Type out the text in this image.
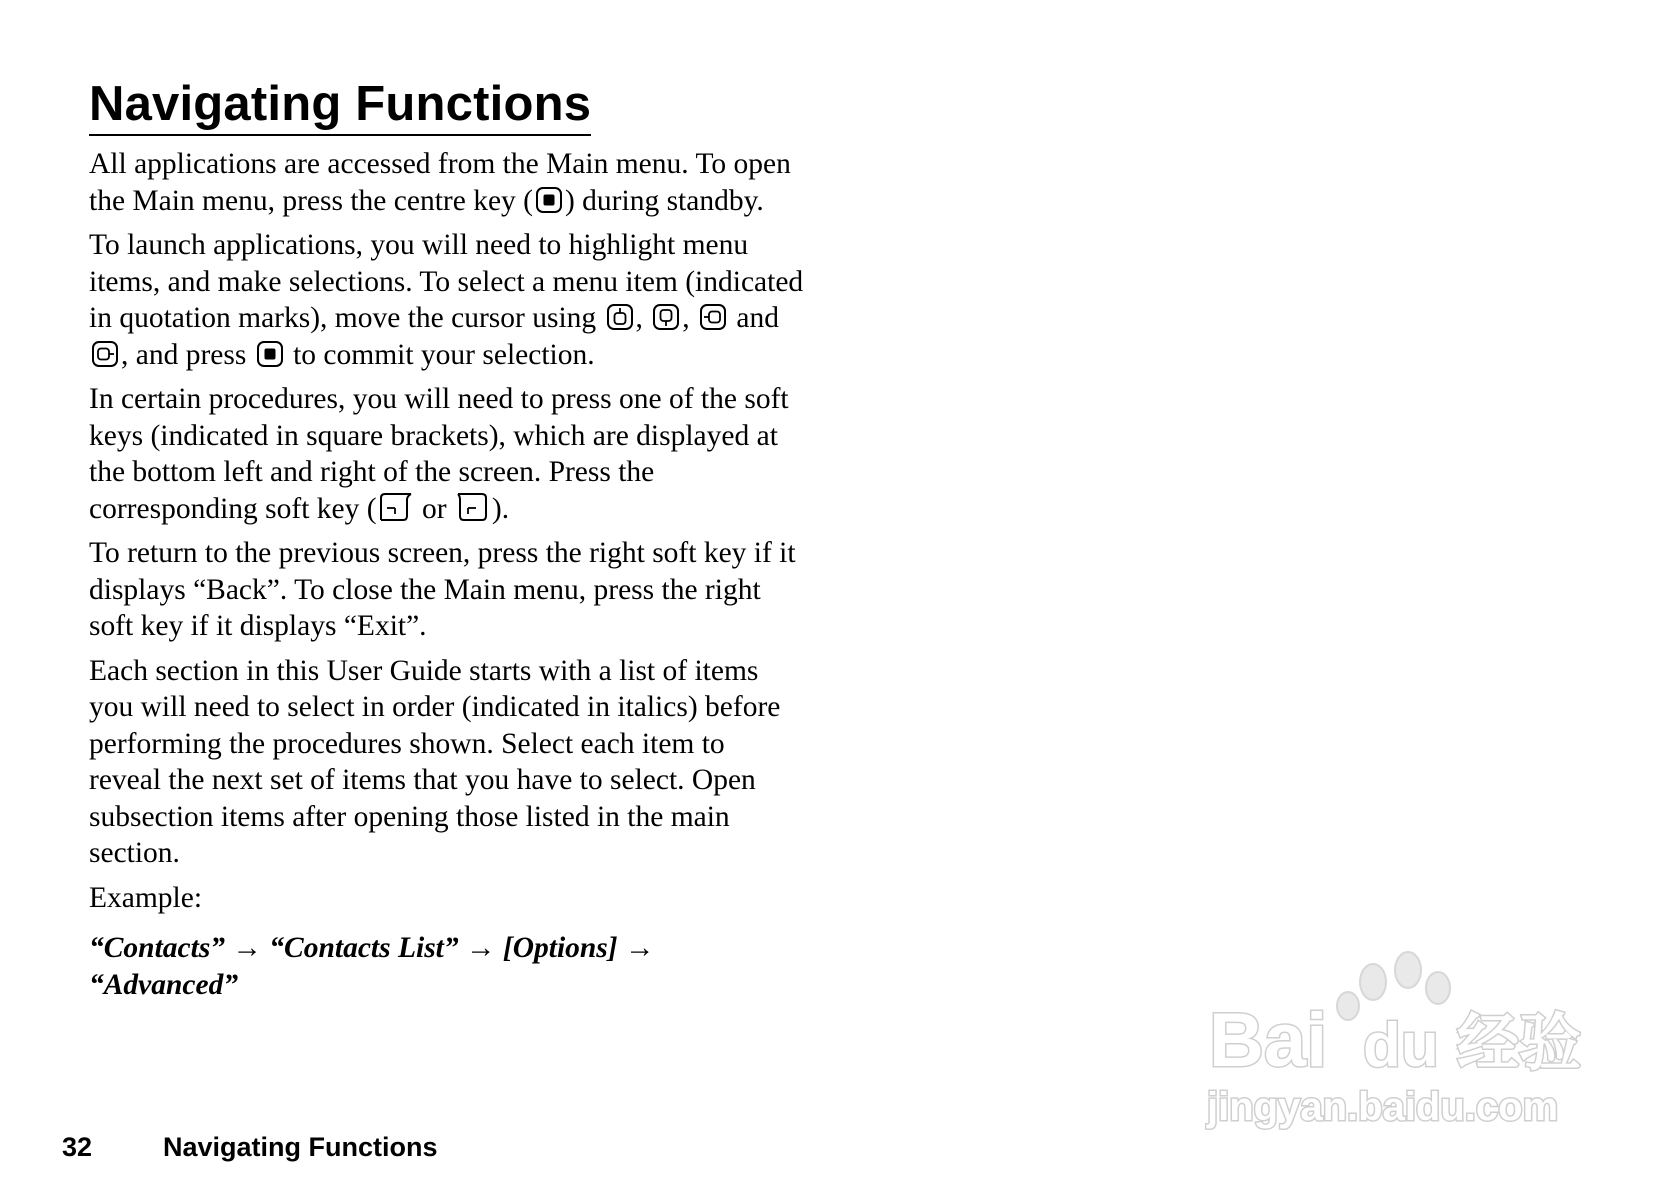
Navigating Functions

All applications are accessed from the Main menu. To open the Main menu, press the centre key ( ) during standby.

To launch applications, you will need to highlight menu items, and make selections. To select a menu item (indicated in quotation marks), move the cursor using
,
,
and
, and press
to commit your selection.

In certain procedures, you will need to press one of the soft keys (indicated in square brackets), which are displayed at the bottom left and right of the screen. Press the corresponding soft key (
or
).

To return to the previous screen, press the right soft key if it displays “Back”. To close the Main menu, press the right soft key if it displays “Exit”.

Each section in this User Guide starts with a list of items you will need to select in order (indicated in italics) before performing the procedures shown. Select each item to reveal the next set of items that you have to select. Open subsection items after opening those listed in the main section.

Example:

“Contacts” → “Contacts List” → [Options] → “Advanced”

32	Navigating Functions
Bai du 经验
jingyan.baidu.com
